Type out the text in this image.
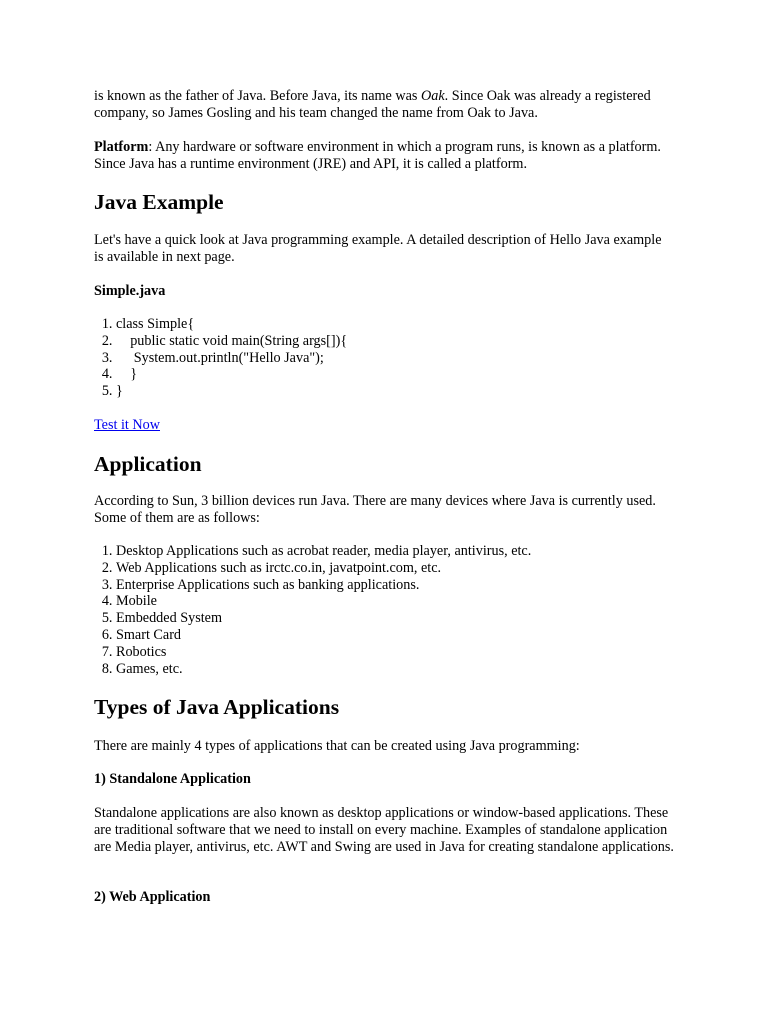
is known as the father of Java. Before Java, its name was Oak. Since Oak was already a registered company, so James Gosling and his team changed the name from Oak to Java.

Platform: Any hardware or software environment in which a program runs, is known as a platform. Since Java has a runtime environment (JRE) and API, it is called a platform.

Java Example

Let's have a quick look at Java programming example. A detailed description of Hello Java example is available in next page.

Simple.java
1. class Simple{
2.     public static void main(String args[]){
3.      System.out.println("Hello Java");
4.     }
5. }
Test it Now
Application

According to Sun, 3 billion devices run Java. There are many devices where Java is currently used. Some of them are as follows:

1. Desktop Applications such as acrobat reader, media player, antivirus, etc.
2. Web Applications such as irctc.co.in, javatpoint.com, etc.
3. Enterprise Applications such as banking applications.
4. Mobile
5. Embedded System
6. Smart Card
7. Robotics
8. Games, etc.
Types of Java Applications

There are mainly 4 types of applications that can be created using Java programming:

1) Standalone Application

Standalone applications are also known as desktop applications or window-based applications. These are traditional software that we need to install on every machine. Examples of standalone application are Media player, antivirus, etc. AWT and Swing are used in Java for creating standalone applications.

2) Web Application
